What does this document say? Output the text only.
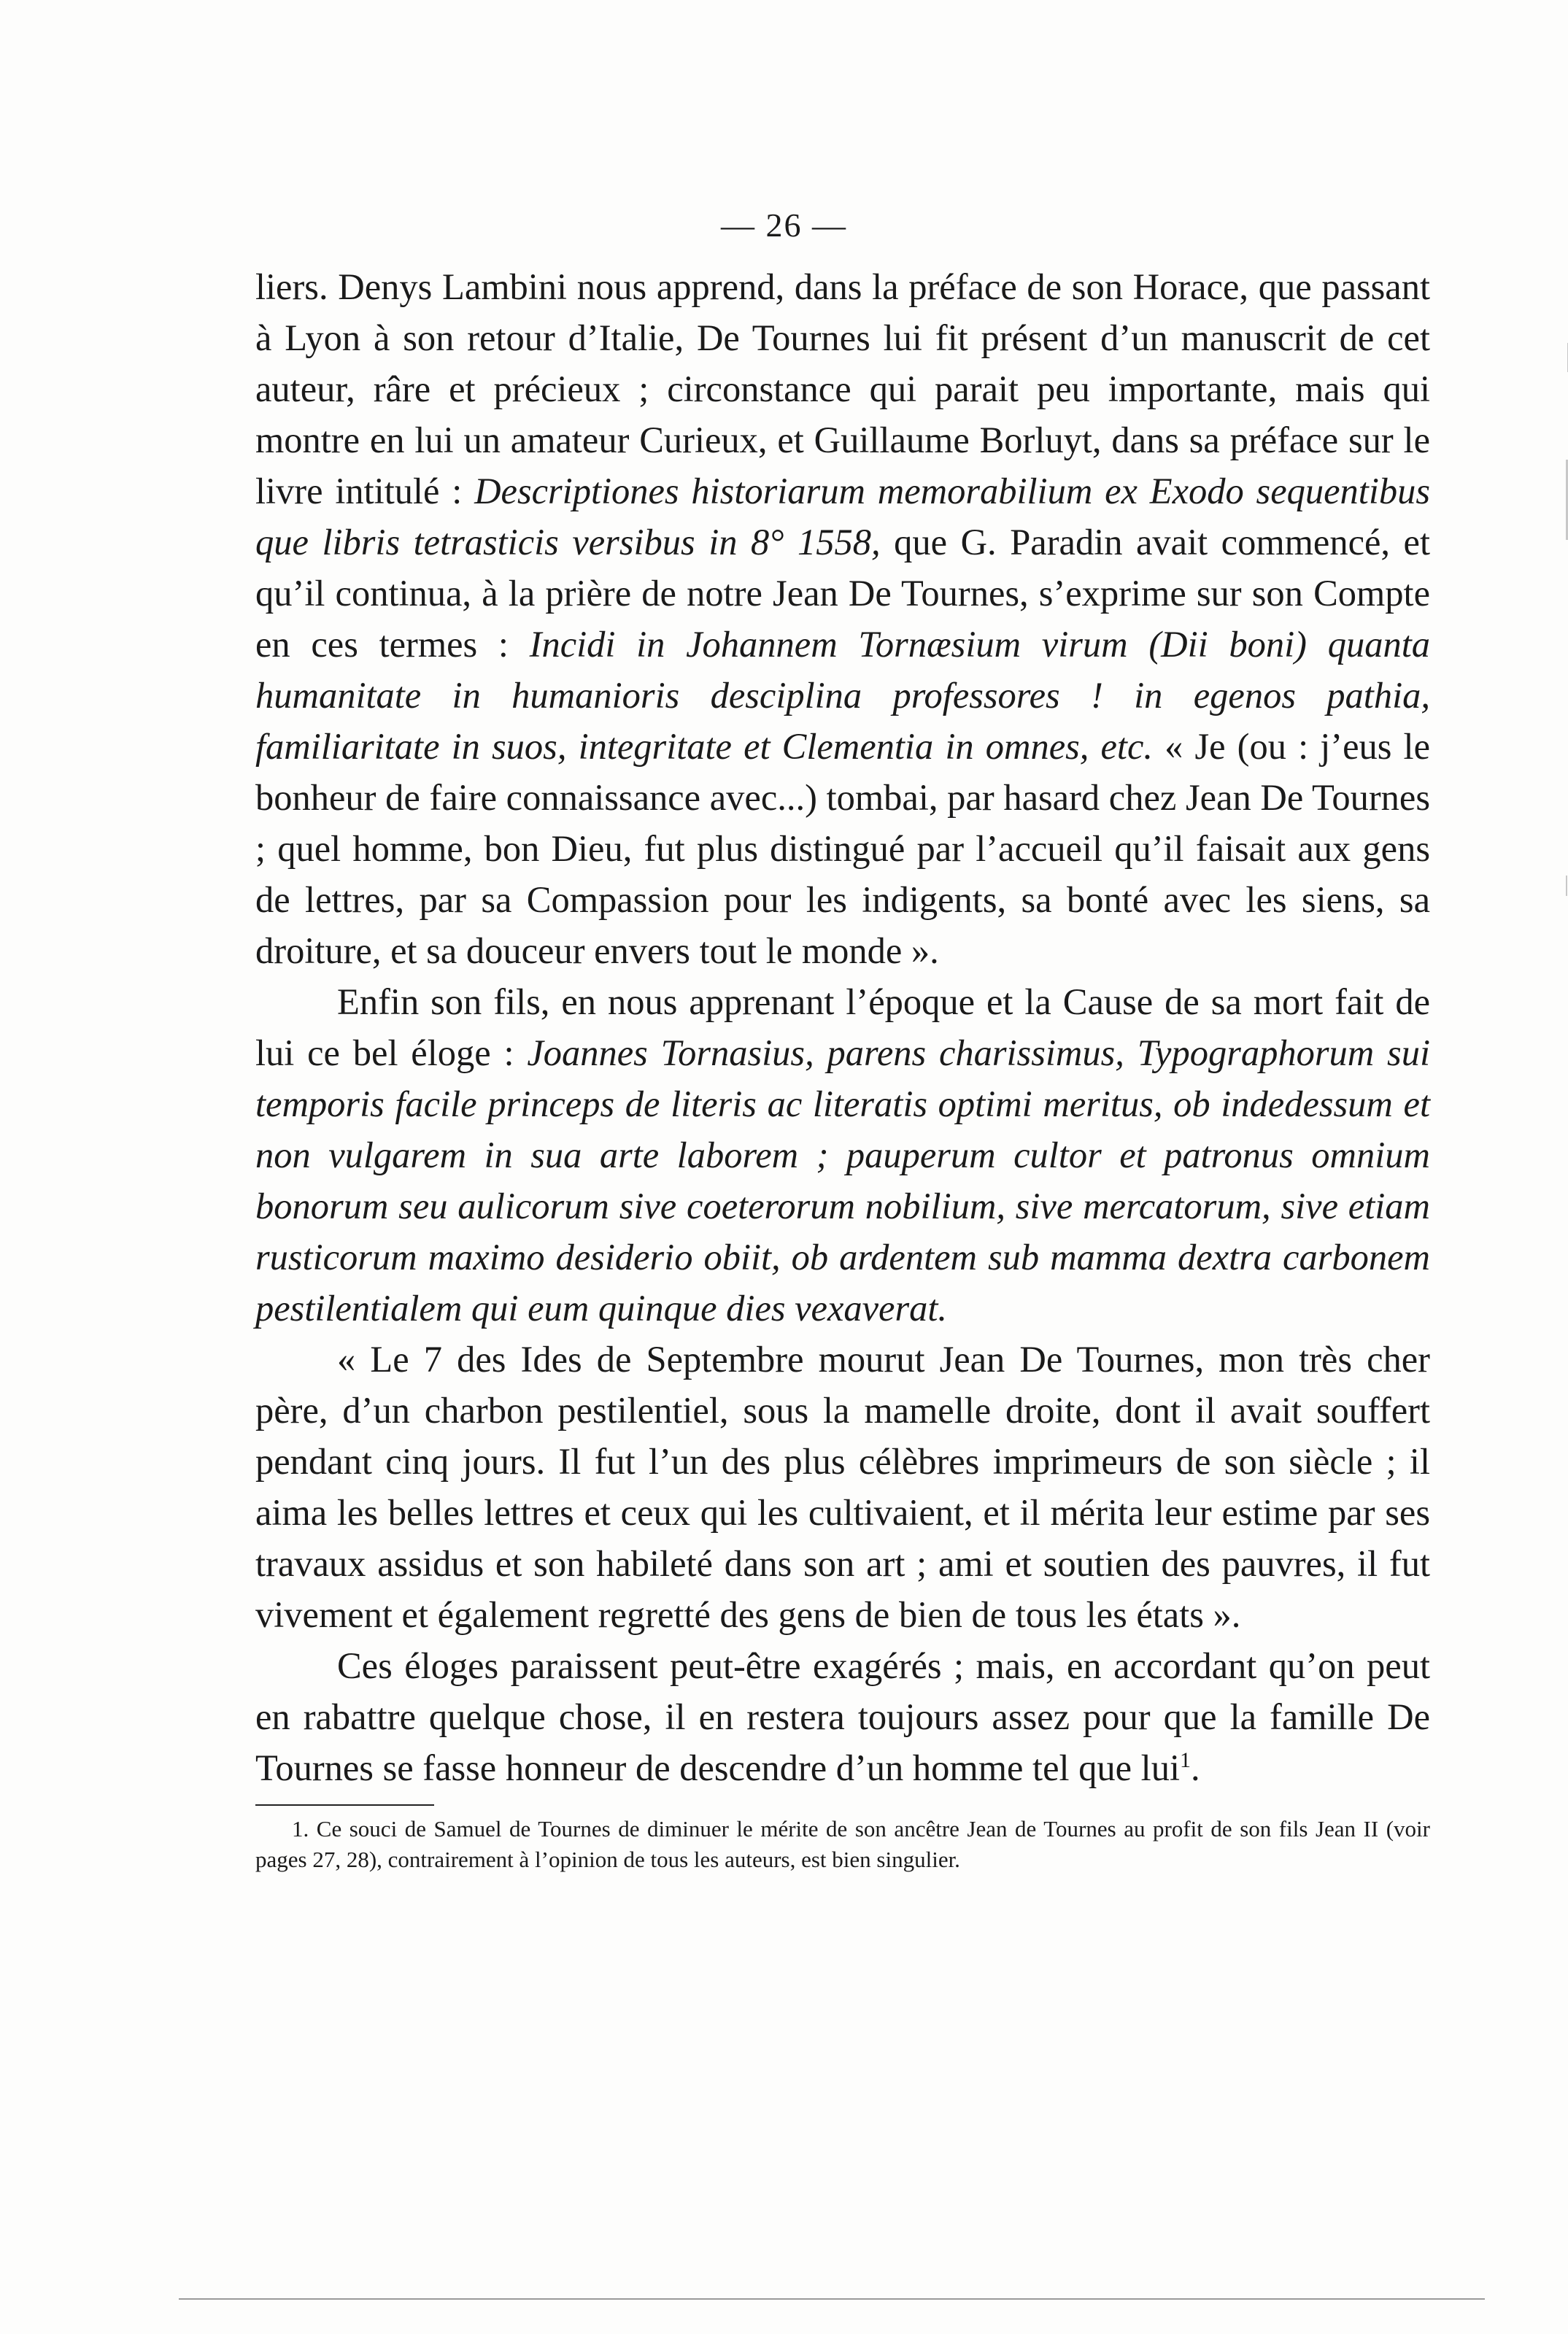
— 26 —

liers. Denys Lambini nous apprend, dans la préface de son Horace, que passant à Lyon à son retour d’Italie, De Tournes lui fit présent d’un manuscrit de cet auteur, râre et précieux ; circonstance qui parait peu importante, mais qui montre en lui un amateur Curieux, et Guillaume Borluyt, dans sa préface sur le livre intitulé : Descriptiones historiarum memorabilium ex Exodo sequentibus que libris tetrasticis versibus in 8° 1558, que G. Paradin avait commencé, et qu’il continua, à la prière de notre Jean De Tournes, s’exprime sur son Compte en ces termes : Incidi in Johannem Tornæsium virum (Dii boni) quanta humanitate in humanioris desciplina professores ! in egenos pathia, familiaritate in suos, integritate et Clementia in omnes, etc. « Je (ou : j’eus le bonheur de faire connaissance avec...) tombai, par hasard chez Jean De Tournes ; quel homme, bon Dieu, fut plus distingué par l’accueil qu’il faisait aux gens de lettres, par sa Compassion pour les indigents, sa bonté avec les siens, sa droiture, et sa douceur envers tout le monde ».

Enfin son fils, en nous apprenant l’époque et la Cause de sa mort fait de lui ce bel éloge : Joannes Tornasius, parens charissimus, Typographorum sui temporis facile princeps de literis ac literatis optimi meritus, ob indedessum et non vulgarem in sua arte laborem ; pauperum cultor et patronus omnium bonorum seu aulicorum sive coeterorum nobilium, sive mercatorum, sive etiam rusticorum maximo desiderio obiit, ob ardentem sub mamma dextra carbonem pestilentialem qui eum quinque dies vexaverat.

« Le 7 des Ides de Septembre mourut Jean De Tournes, mon très cher père, d’un charbon pestilentiel, sous la mamelle droite, dont il avait souffert pendant cinq jours. Il fut l’un des plus célèbres imprimeurs de son siècle ; il aima les belles lettres et ceux qui les cultivaient, et il mérita leur estime par ses travaux assidus et son habileté dans son art ; ami et soutien des pauvres, il fut vivement et également regretté des gens de bien de tous les états ».

Ces éloges paraissent peut-être exagérés ; mais, en accordant qu’on peut en rabattre quelque chose, il en restera toujours assez pour que la famille De Tournes se fasse honneur de descendre d’un homme tel que lui$^1$.

1. Ce souci de Samuel de Tournes de diminuer le mérite de son ancêtre Jean de Tournes au profit de son fils Jean II (voir pages 27, 28), contrairement à l’opinion de tous les auteurs, est bien singulier.
